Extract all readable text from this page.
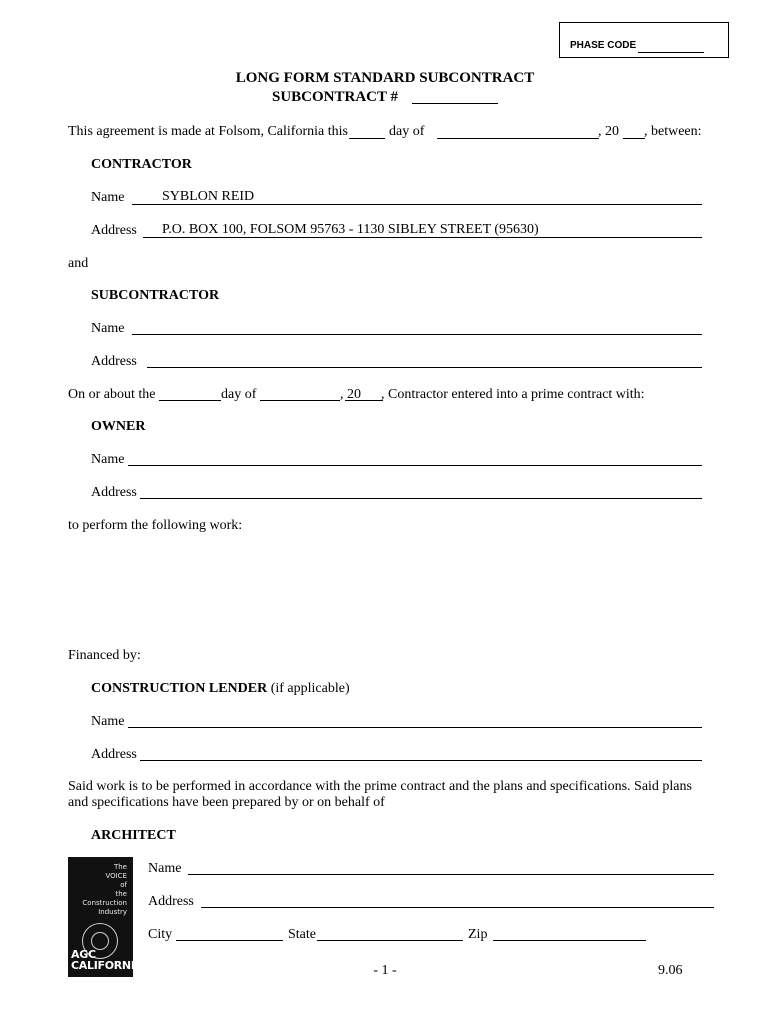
PHASE CODE
LONG FORM STANDARD SUBCONTRACT
SUBCONTRACT #
This agreement is made at Folsom, California this	day of	, 20 , between:
CONTRACTOR
Name	SYBLON REID
Address P.O. BOX 100, FOLSOM 95763 - 1130 SIBLEY STREET (95630)
and
SUBCONTRACTOR
Name
Address
On or about the	day of	, 20 , Contractor entered into a prime contract with:
OWNER
Name
Address
to perform the following work:
Financed by:
CONSTRUCTION LENDER (if applicable)
Name
Address
Said work is to be performed in accordance with the prime contract and the plans and specifications. Said plans
and specifications have been prepared by or on behalf of
ARCHITECT
The
VOICE
of
the
Construction
Industry
AGC
CALIFORNIA
Name
Address
City	State	Zip
- 1 -	9.06
